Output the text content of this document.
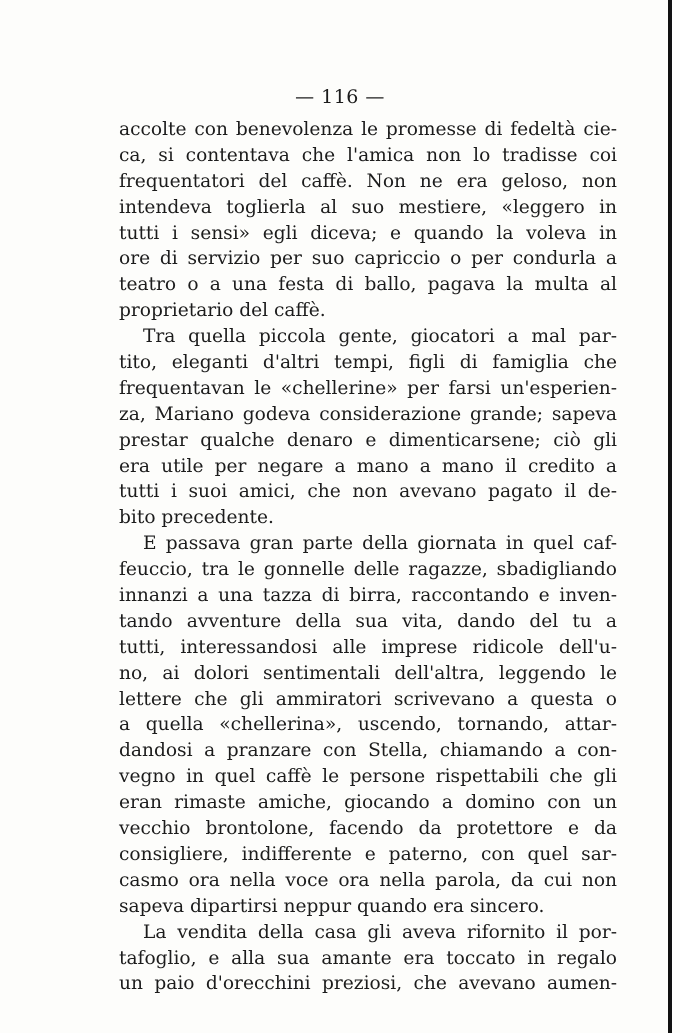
— 116 —
accolte con benevolenza le promesse di fedeltà cie-
ca, si contentava che l'amica non lo tradisse coi
frequentatori del caffè. Non ne era geloso, non
intendeva toglierla al suo mestiere, «leggero in
tutti i sensi» egli diceva; e quando la voleva in
ore di servizio per suo capriccio o per condurla a
teatro o a una festa di ballo, pagava la multa al
proprietario del caffè.
Tra quella piccola gente, giocatori a mal par-
tito, eleganti d'altri tempi, figli di famiglia che
frequentavan le «chellerine» per farsi un'esperien-
za, Mariano godeva considerazione grande; sapeva
prestar qualche denaro e dimenticarsene; ciò gli
era utile per negare a mano a mano il credito a
tutti i suoi amici, che non avevano pagato il de-
bito precedente.
E passava gran parte della giornata in quel caf-
feuccio, tra le gonnelle delle ragazze, sbadigliando
innanzi a una tazza di birra, raccontando e inven-
tando avventure della sua vita, dando del tu a
tutti, interessandosi alle imprese ridicole dell'u-
no, ai dolori sentimentali dell'altra, leggendo le
lettere che gli ammiratori scrivevano a questa o
a quella «chellerina», uscendo, tornando, attar-
dandosi a pranzare con Stella, chiamando a con-
vegno in quel caffè le persone rispettabili che gli
eran rimaste amiche, giocando a domino con un
vecchio brontolone, facendo da protettore e da
consigliere, indifferente e paterno, con quel sar-
casmo ora nella voce ora nella parola, da cui non
sapeva dipartirsi neppur quando era sincero.
La vendita della casa gli aveva rifornito il por-
tafoglio, e alla sua amante era toccato in regalo
un paio d'orecchini preziosi, che avevano aumen-
